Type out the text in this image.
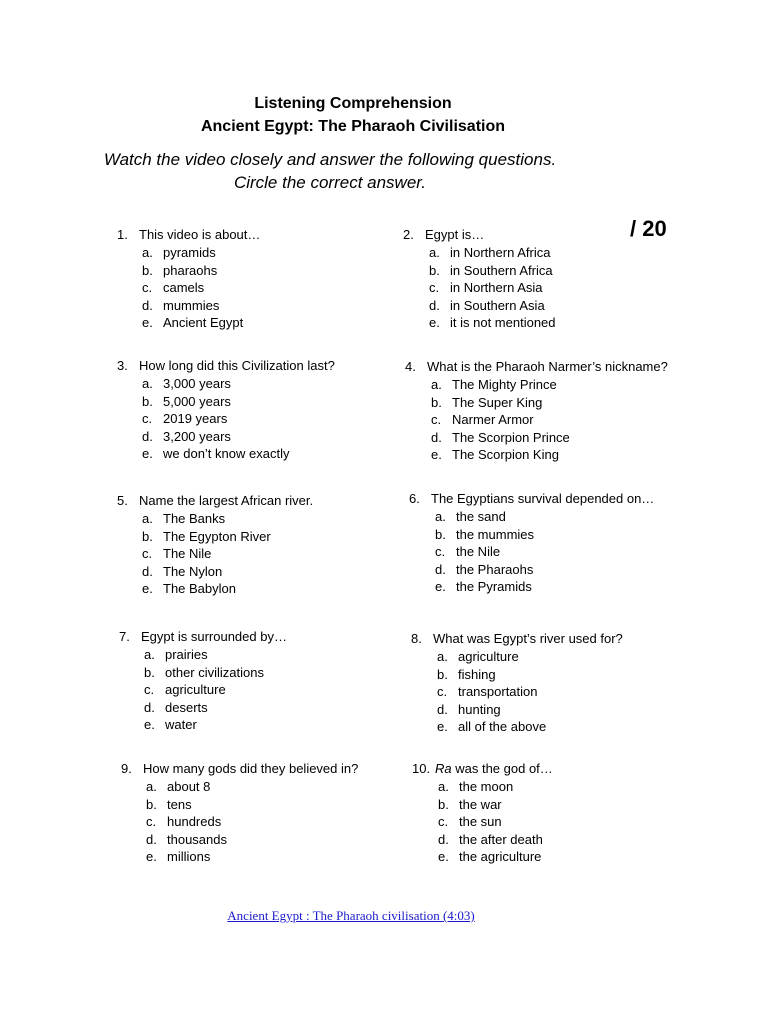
Listening Comprehension
Ancient Egypt: The Pharaoh Civilisation
Watch the video closely and answer the following questions.
Circle the correct answer.
/ 20
1. This video is about…
a. pyramids
b. pharaohs
c. camels
d. mummies
e. Ancient Egypt
2. Egypt is…
a. in Northern Africa
b. in Southern Africa
c. in Northern Asia
d. in Southern Asia
e. it is not mentioned
3. How long did this Civilization last?
a. 3,000 years
b. 5,000 years
c. 2019 years
d. 3,200 years
e. we don’t know exactly
4. What is the Pharaoh Narmer’s nickname?
a. The Mighty Prince
b. The Super King
c. Narmer Armor
d. The Scorpion Prince
e. The Scorpion King
5. Name the largest African river.
a. The Banks
b. The Egypton River
c. The Nile
d. The Nylon
e. The Babylon
6. The Egyptians survival depended on…
a. the sand
b. the mummies
c. the Nile
d. the Pharaohs
e. the Pyramids
7. Egypt is surrounded by…
a. prairies
b. other civilizations
c. agriculture
d. deserts
e. water
8. What was Egypt’s river used for?
a. agriculture
b. fishing
c. transportation
d. hunting
e. all of the above
9. How many gods did they believed in?
a. about 8
b. tens
c. hundreds
d. thousands
e. millions
10. Ra was the god of…
a. the moon
b. the war
c. the sun
d. the after death
e. the agriculture
Ancient Egypt : The Pharaoh civilisation (4:03)
